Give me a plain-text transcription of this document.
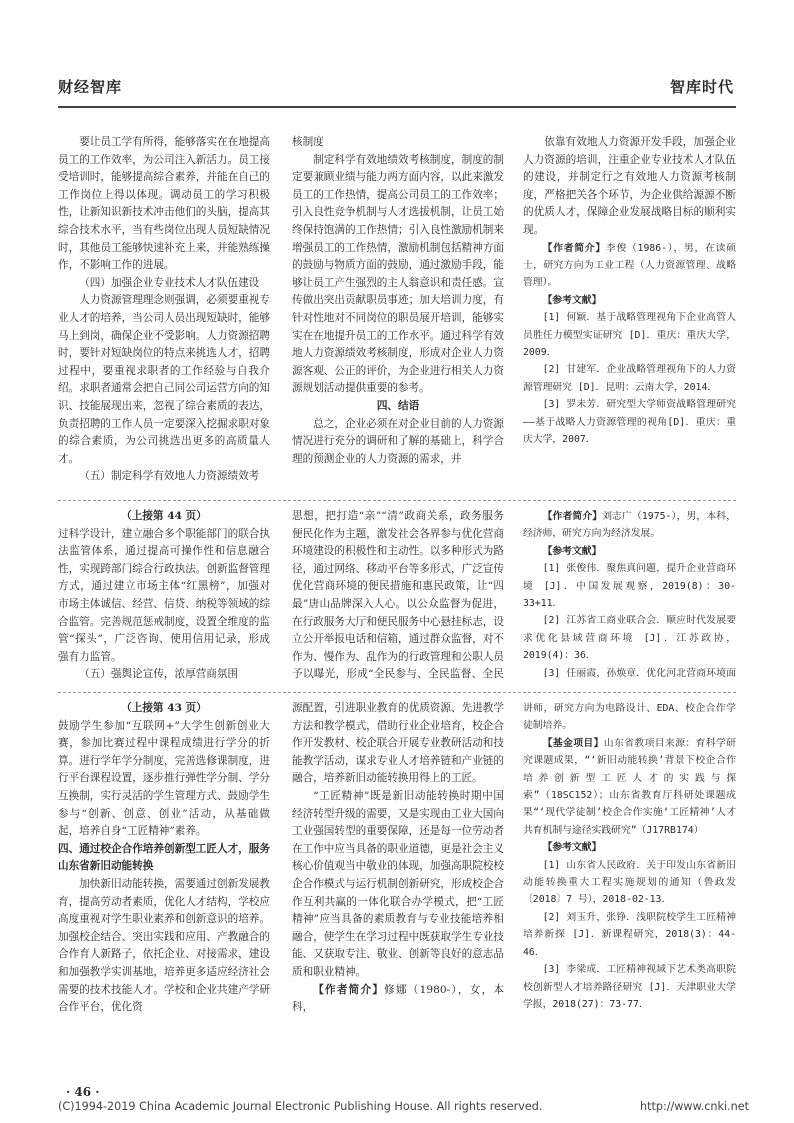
财经智库	智库时代

要让员工学有所得，能够落实在在地提高员工的工作效率，为公司注入新活力。员工接受培训时，能够提高综合素养，并能在自己的工作岗位上得以体现。调动员工的学习积极性，让新知识新技术冲击他们的头脑，提高其综合技术水平，当有些岗位出现人员短缺情况时，其他员工能够快速补充上来，并能熟练操作，不影响工作的进展。

（四）加强企业专业技术人才队伍建设

人力资源管理理念则强调，必须要重视专业人才的培养，当公司人员出现短缺时，能够马上到岗，确保企业不受影响。人力资源招聘时，要针对短缺岗位的特点来挑选人才，招聘过程中，要重视求职者的工作经验与自我介绍。求职者通常会把自己同公司运营方向的知识、技能展现出来，忽视了综合素质的表达，负责招聘的工作人员一定要深入挖掘求职对象的综合素质，为公司挑选出更多的高质量人才。

（五）制定科学有效地人力资源绩效考

核制度

制定科学有效地绩效考核制度，制度的制定要兼顾业绩与能力两方面内容，以此来激发员工的工作热情，提高公司员工的工作效率；引入良性竞争机制与人才选拔机制，让员工始终保持饱满的工作热情；引入良性激励机制来增强员工的工作热情，激励机制包括精神方面的鼓励与物质方面的鼓励，通过激励手段，能够让员工产生强烈的主人翁意识和责任感。宣传做出突出贡献职员事迹；加大培训力度，有针对性地对不同岗位的职员展开培训，能够实实在在地提升员工的工作水平。通过科学有效地人力资源绩效考核制度，形成对企业人力资源客观、公正的评价，为企业进行相关人力资源规划活动提供重要的参考。

四、结语

总之，企业必须在对企业目前的人力资源情况进行充分的调研和了解的基础上，科学合理的预测企业的人力资源的需求，并

依靠有效地人力资源开发手段，加强企业人力资源的培训，注重企业专业技术人才队伍的建设，并制定行之有效地人力资源考核制度，严格把关各个环节，为企业供给源源不断的优质人才，保障企业发展战略目标的顺利实现。

【作者简介】李俊（1986-），男，在读硕士，研究方向为工业工程（人力资源管理、战略管理）。

【参考文献】

[1] 何颖．基于战略管理视角下企业高管人员胜任力模型实证研究 [D]．重庆：重庆大学，2009．

[2] 甘建军．企业战略管理视角下的人力资源管理研究 [D]．昆明：云南大学，2014．

[3] 罗未芳．研究型大学师资战略管理研究——基于战略人力资源管理的视角[D]．重庆：重庆大学，2007．

（上接第 44 页）

过科学设计，建立融合多个职能部门的联合执法监管体系，通过提高可操作性和信息融合性，实现跨部门综合行政执法。创新监督管理方式，通过建立市场主体“红黑榜”，加强对市场主体诚信、经营、信贷、纳税等领域的综合监管。完善规范惩戒制度，设置全维度的监管“探头”，广泛咨询、使用信用记录，形成强有力监管。

（五）强舆论宣传，浓厚营商氛围

思想，把打造“亲”“清”政商关系，政务服务便民化作为主题，激发社会各界参与优化营商环境建设的积极性和主动性。以多种形式为路径，通过网络、移动平台等多形式，广泛宣传优化营商环境的便民措施和惠民政策，让“四最”唐山品牌深入人心。以公众监督为促进，在行政服务大厅和便民服务中心悬挂标志，设立公开举报电话和信箱，通过群众监督，对不作为、慢作为、乱作为的行政管理和公职人员予以曝光，形成“全民参与、全民监督、全民

【作者简介】刘志广（1975-），男，本科，经济师，研究方向为经济发展。

【参考文献】

[1] 张俊伟．聚焦真问题，提升企业营商环境 [J]．中国发展观察，2019(8)：30-33+11．

[2] 江苏省工商业联合会．顺应时代发展要求优化县域营商环境 [J]．江苏政协，2019(4)：36．

[3] 任丽霞，孙焕章．优化河北营商环境面

（上接第 43 页）

鼓励学生参加“互联网+”大学生创新创业大赛，参加比赛过程中课程成绩进行学分的折算。进行学年学分制度，完善选修课制度，进行平台课程设置，逐步推行弹性学分制、学分互换制，实行灵活的学生管理方式、鼓励学生参与“创新、创意、创业”活动，从基础做起，培养自身“工匠精神”素养。

四、通过校企合作培养创新型工匠人才，服务山东省新旧动能转换

加快新旧动能转换，需要通过创新发展教育，提高劳动者素质，优化人才结构，学校应高度重视对学生职业素养和创新意识的培养。加强校企结合、突出实践和应用、产教融合的合作育人新路子，依托企业、对接需求，建设和加强教学实训基地，培养更多适应经济社会需要的技术技能人才。学校和企业共建产学研合作平台，优化资

源配置，引进职业教育的优质资源、先进教学方法和教学模式，借助行业企业培育，校企合作开发教材、校企联合开展专业教研活动和技能教学活动，谋求专业人才培养链和产业链的融合，培养新旧动能转换用得上的工匠。

“工匠精神”既是新旧动能转换时期中国经济转型升级的需要，又是实现由工业大国向工业强国转型的重要保障，还是每一位劳动者在工作中应当具备的职业道德，更是社会主义核心价值观当中敬业的体现，加强高职院校校企合作模式与运行机制创新研究，形成校企合作互利共赢的一体化联合办学模式，把“工匠精神”应当具备的素质教育与专业技能培养相融合，使学生在学习过程中既获取学生专业技能、又获取专注、敬业、创新等良好的意志品质和职业精神。

【作者简介】修娜（1980-），女，本科，

讲师，研究方向为电路设计、EDA、校企合作学徒制培养。

【基金项目】山东省教项目来源：育科学研究课题成果，“‘新旧动能转换’背景下校企合作培养创新型工匠人才的实践与探索”（18SC152）；山东省教育厅科研处课题成果“‘现代学徒制’校企合作实施‘工匠精神’人才共育机制与途径实践研究”（J17RB174）

【参考文献】

[1] 山东省人民政府．关于印发山东省新旧动能转换重大工程实施规划的通知（鲁政发〔2018〕7 号），2018-02-13．

[2] 刘玉升，张铮．浅职院校学生工匠精神培养新探 [J]．新课程研究，2018(3)：44-46．

[3] 李梁成．工匠精神视域下艺术类高职院校创新型人才培养路径研究 [J]．天津职业大学学报，2018(27)：73-77．

· 46 ·
(C)1994-2019 China Academic Journal Electronic Publishing House. All rights reserved.	http://www.cnki.net
